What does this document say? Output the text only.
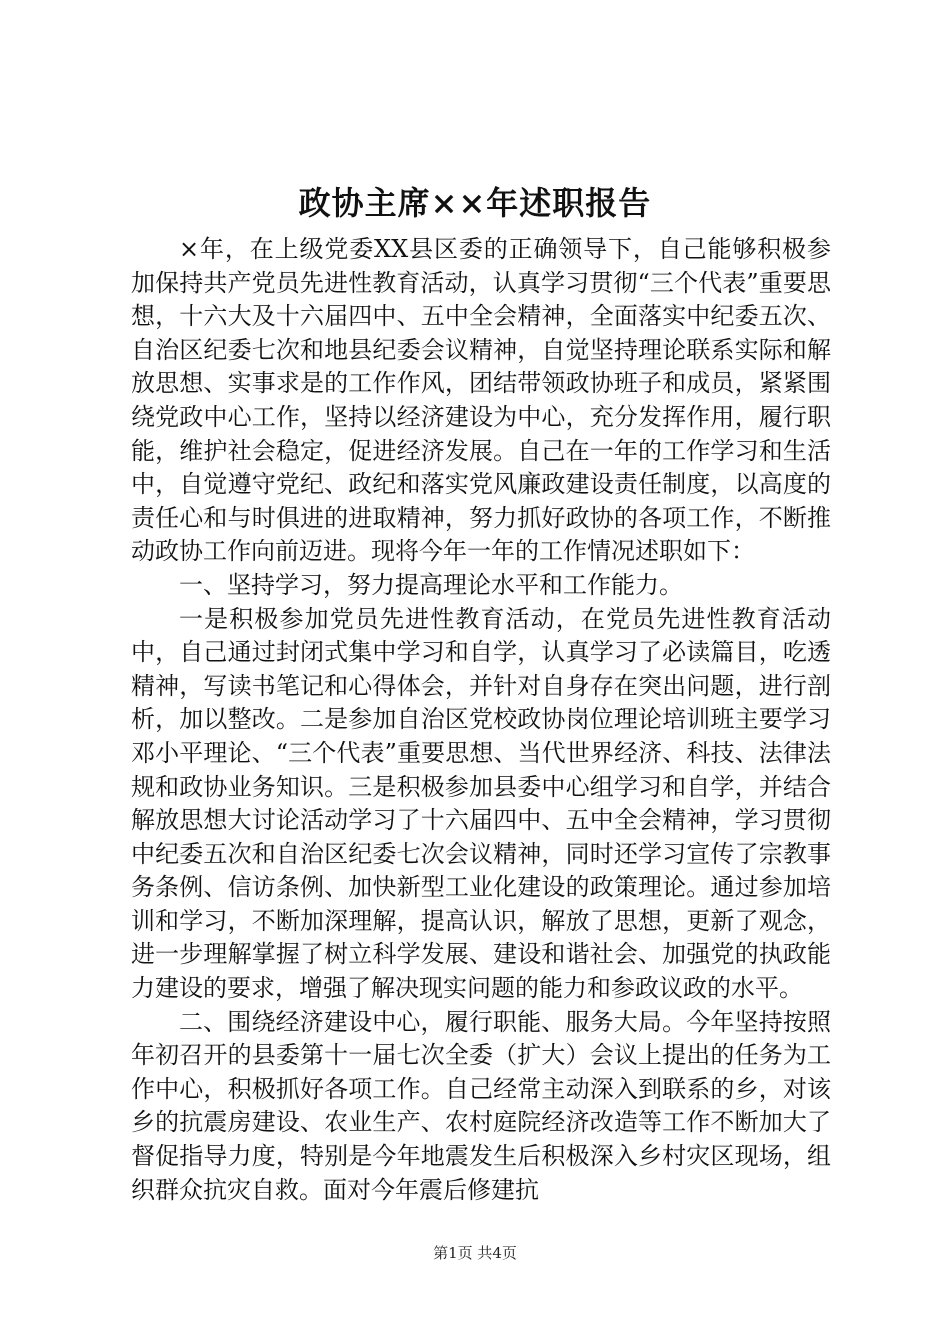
政协主席××年述职报告

×年，在上级党委XX县区委的正确领导下，自己能够积极参加保持共产党员先进性教育活动，认真学习贯彻“三个代表”重要思想，十六大及十六届四中、五中全会精神，全面落实中纪委五次、自治区纪委七次和地县纪委会议精神，自觉坚持理论联系实际和解放思想、实事求是的工作作风，团结带领政协班子和成员，紧紧围绕党政中心工作，坚持以经济建设为中心，充分发挥作用，履行职能，维护社会稳定，促进经济发展。自己在一年的工作学习和生活中，自觉遵守党纪、政纪和落实党风廉政建设责任制度，以高度的责任心和与时俱进的进取精神，努力抓好政协的各项工作，不断推动政协工作向前迈进。现将今年一年的工作情况述职如下：

一、坚持学习，努力提高理论水平和工作能力。

一是积极参加党员先进性教育活动，在党员先进性教育活动中，自己通过封闭式集中学习和自学，认真学习了必读篇目，吃透精神，写读书笔记和心得体会，并针对自身存在突出问题，进行剖析，加以整改。二是参加自治区党校政协岗位理论培训班主要学习邓小平理论、“三个代表”重要思想、当代世界经济、科技、法律法规和政协业务知识。三是积极参加县委中心组学习和自学，并结合解放思想大讨论活动学习了十六届四中、五中全会精神，学习贯彻中纪委五次和自治区纪委七次会议精神，同时还学习宣传了宗教事务条例、信访条例、加快新型工业化建设的政策理论。通过参加培训和学习，不断加深理解，提高认识，解放了思想，更新了观念，进一步理解掌握了树立科学发展、建设和谐社会、加强党的执政能力建设的要求，增强了解决现实问题的能力和参政议政的水平。

二、围绕经济建设中心，履行职能、服务大局。今年坚持按照年初召开的县委第十一届七次全委（扩大）会议上提出的任务为工作中心，积极抓好各项工作。自己经常主动深入到联系的乡，对该乡的抗震房建设、农业生产、农村庭院经济改造等工作不断加大了督促指导力度，特别是今年地震发生后积极深入乡村灾区现场，组织群众抗灾自救。面对今年震后修建抗

第1页 共4页
